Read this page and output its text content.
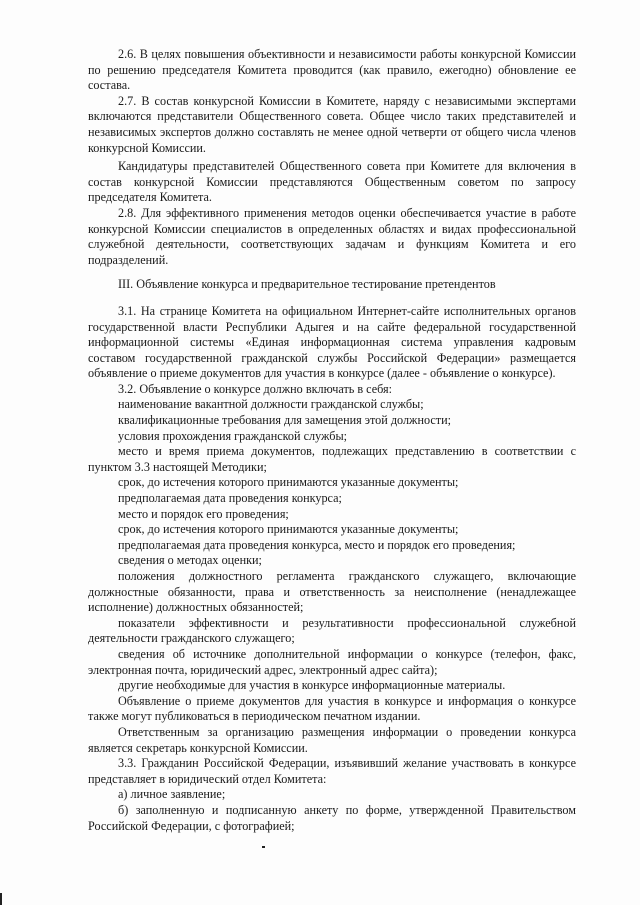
2.6. В целях повышения объективности и независимости работы конкурсной Комиссии по решению председателя Комитета проводится (как правило, ежегодно) обновление ее состава.

2.7. В состав конкурсной Комиссии в Комитете, наряду с независимыми экспертами включаются представители Общественного совета. Общее число таких представителей и независимых экспертов должно составлять не менее одной четверти от общего числа членов конкурсной Комиссии.

Кандидатуры представителей Общественного совета при Комитете для включения в состав конкурсной Комиссии представляются Общественным советом по запросу председателя Комитета.

2.8. Для эффективного применения методов оценки обеспечивается участие в работе конкурсной Комиссии специалистов в определенных областях и видах профессиональной служебной деятельности, соответствующих задачам и функциям Комитета и его подразделений.

III. Объявление конкурса и предварительное тестирование претендентов

3.1. На странице Комитета на официальном Интернет-сайте исполнительных органов государственной власти Республики Адыгея и на сайте федеральной государственной информационной системы «Единая информационная система управления кадровым составом государственной гражданской службы Российской Федерации» размещается объявление о приеме документов для участия в конкурсе (далее - объявление о конкурсе).

3.2. Объявление о конкурсе должно включать в себя:

наименование вакантной должности гражданской службы;

квалификационные требования для замещения этой должности;

условия прохождения гражданской службы;

место и время приема документов, подлежащих представлению в соответствии с пунктом 3.3 настоящей Методики;

срок, до истечения которого принимаются указанные документы;

предполагаемая дата проведения конкурса;

место и порядок его проведения;

срок, до истечения которого принимаются указанные документы;

предполагаемая дата проведения конкурса, место и порядок его проведения;

сведения о методах оценки;

положения должностного регламента гражданского служащего, включающие должностные обязанности, права и ответственность за неисполнение (ненадлежащее исполнение) должностных обязанностей;

показатели эффективности и результативности профессиональной служебной деятельности гражданского служащего;

сведения об источнике дополнительной информации о конкурсе (телефон, факс, электронная почта, юридический адрес, электронный адрес сайта);

другие необходимые для участия в конкурсе информационные материалы.

Объявление о приеме документов для участия в конкурсе и информация о конкурсе также могут публиковаться в периодическом печатном издании.

Ответственным за организацию размещения информации о проведении конкурса является секретарь конкурсной Комиссии.

3.3. Гражданин Российской Федерации, изъявивший желание участвовать в конкурсе представляет в юридический отдел Комитета:

а) личное заявление;

б) заполненную и подписанную анкету по форме, утвержденной Правительством Российской Федерации, с фотографией;
